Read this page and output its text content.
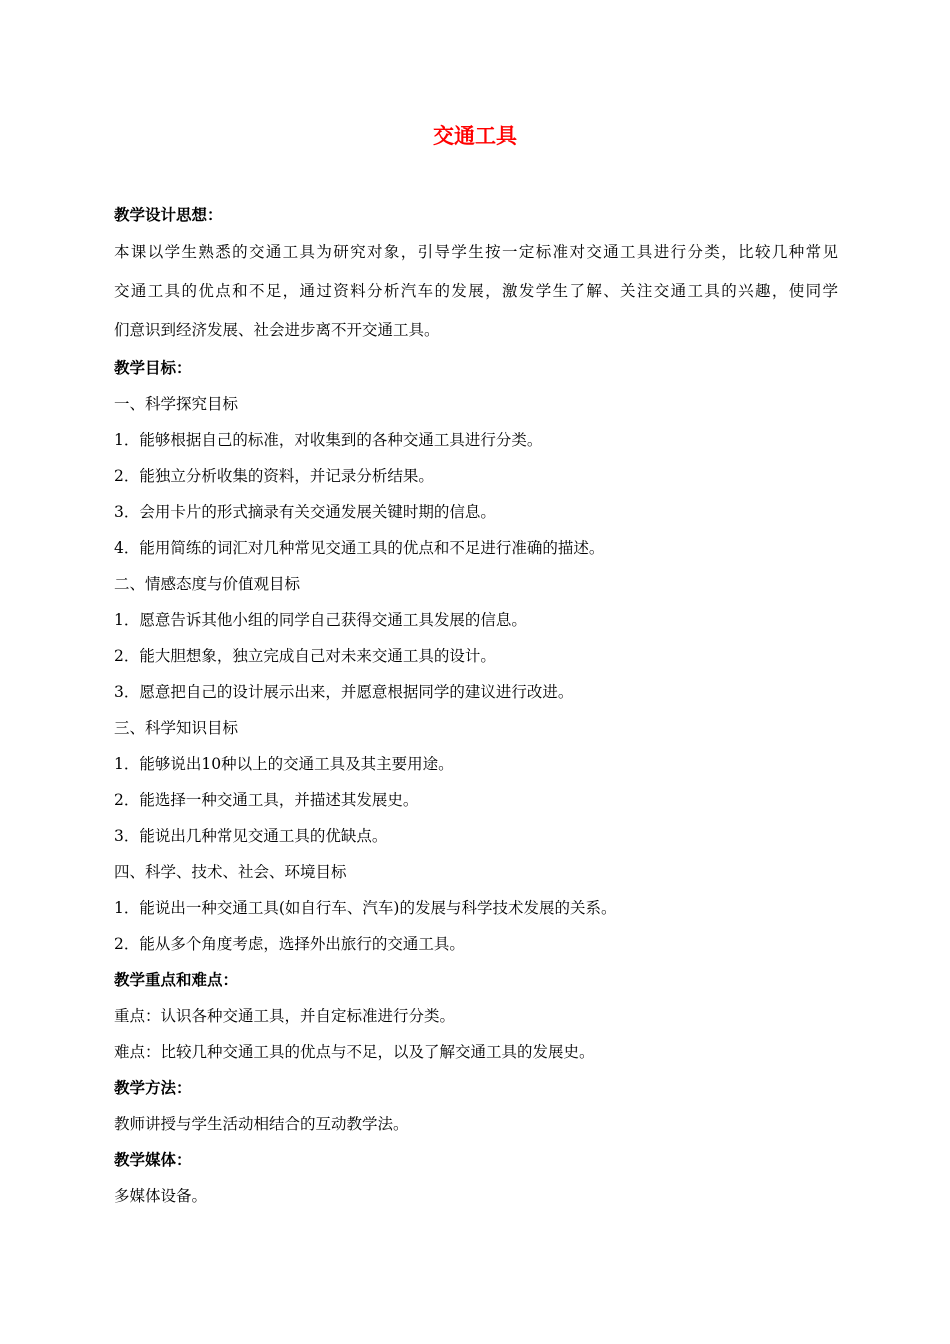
交通工具
教学设计思想：
本课以学生熟悉的交通工具为研究对象，引导学生按一定标准对交通工具进行分类，比较几种常见
交通工具的优点和不足，通过资料分析汽车的发展，激发学生了解、关注交通工具的兴趣，使同学
们意识到经济发展、社会进步离不开交通工具。
教学目标：
一、科学探究目标
1．能够根据自己的标准，对收集到的各种交通工具进行分类。
2．能独立分析收集的资料，并记录分析结果。
3．会用卡片的形式摘录有关交通发展关键时期的信息。
4．能用简练的词汇对几种常见交通工具的优点和不足进行准确的描述。
二、情感态度与价值观目标
1．愿意告诉其他小组的同学自己获得交通工具发展的信息。
2．能大胆想象，独立完成自己对未来交通工具的设计。
3．愿意把自己的设计展示出来，并愿意根据同学的建议进行改进。
三、科学知识目标
1．能够说出10种以上的交通工具及其主要用途。
2．能选择一种交通工具，并描述其发展史。
3．能说出几种常见交通工具的优缺点。
四、科学、技术、社会、环境目标
1．能说出一种交通工具(如自行车、汽车)的发展与科学技术发展的关系。
2．能从多个角度考虑，选择外出旅行的交通工具。
教学重点和难点：
重点：认识各种交通工具，并自定标准进行分类。
难点：比较几种交通工具的优点与不足，以及了解交通工具的发展史。
教学方法：
教师讲授与学生活动相结合的互动教学法。
教学媒体：
多媒体设备。
